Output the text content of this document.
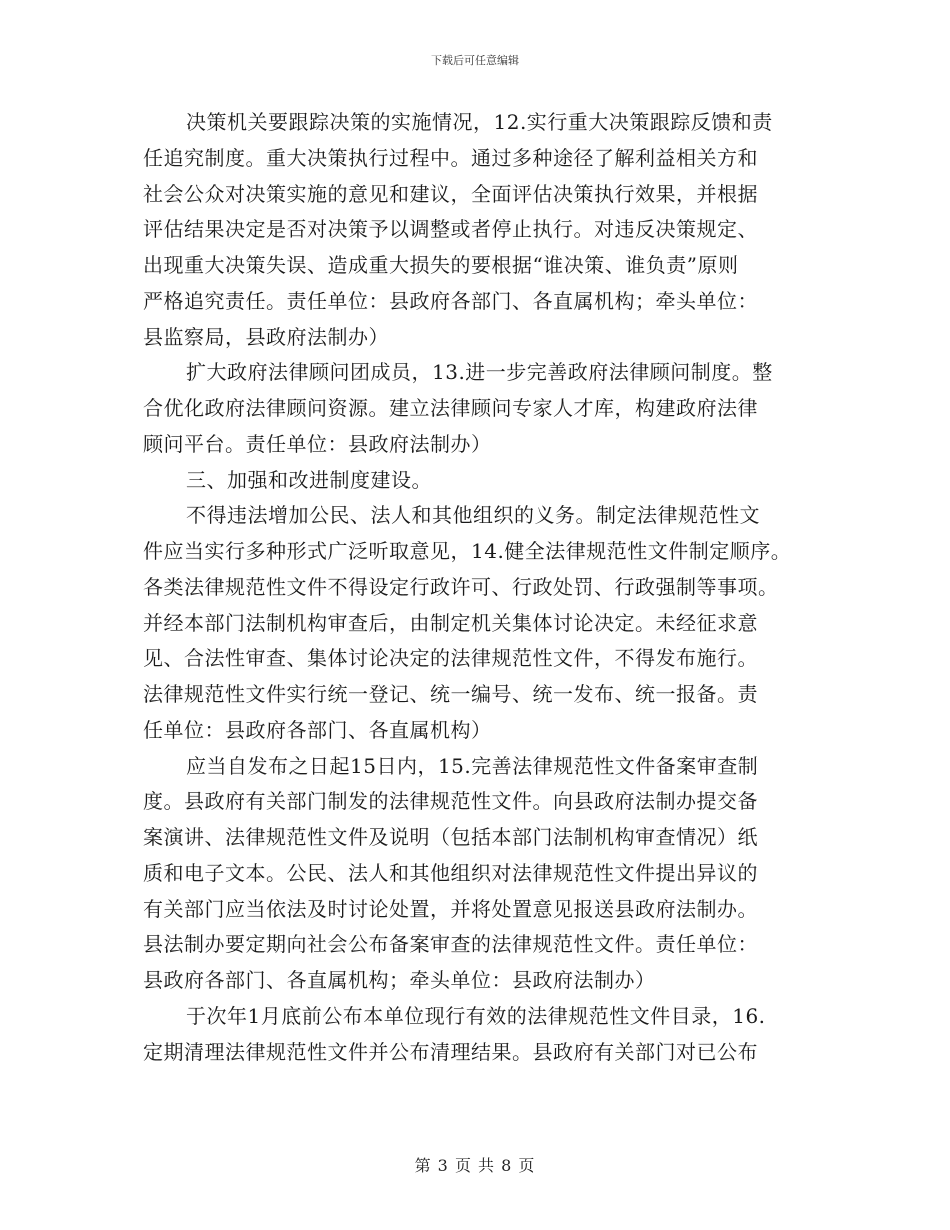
下载后可任意编辑
决策机关要跟踪决策的实施情况，12.实行重大决策跟踪反馈和责
任追究制度。重大决策执行过程中。通过多种途径了解利益相关方和
社会公众对决策实施的意见和建议，全面评估决策执行效果，并根据
评估结果决定是否对决策予以调整或者停止执行。对违反决策规定、
出现重大决策失误、造成重大损失的要根据“谁决策、谁负责”原则
严格追究责任。责任单位：县政府各部门、各直属机构；牵头单位：
县监察局，县政府法制办）
扩大政府法律顾问团成员，13.进一步完善政府法律顾问制度。整
合优化政府法律顾问资源。建立法律顾问专家人才库，构建政府法律
顾问平台。责任单位：县政府法制办）
三、加强和改进制度建设。
不得违法增加公民、法人和其他组织的义务。制定法律规范性文
件应当实行多种形式广泛听取意见，14.健全法律规范性文件制定顺序。
各类法律规范性文件不得设定行政许可、行政处罚、行政强制等事项。
并经本部门法制机构审查后，由制定机关集体讨论决定。未经征求意
见、合法性审查、集体讨论决定的法律规范性文件，不得发布施行。
法律规范性文件实行统一登记、统一编号、统一发布、统一报备。责
任单位：县政府各部门、各直属机构）
应当自发布之日起15日内，15.完善法律规范性文件备案审查制
度。县政府有关部门制发的法律规范性文件。向县政府法制办提交备
案演讲、法律规范性文件及说明（包括本部门法制机构审查情况）纸
质和电子文本。公民、法人和其他组织对法律规范性文件提出异议的
有关部门应当依法及时讨论处置，并将处置意见报送县政府法制办。
县法制办要定期向社会公布备案审查的法律规范性文件。责任单位：
县政府各部门、各直属机构；牵头单位：县政府法制办）
于次年1月底前公布本单位现行有效的法律规范性文件目录，16.
定期清理法律规范性文件并公布清理结果。县政府有关部门对已公布
第 3 页 共 8 页
